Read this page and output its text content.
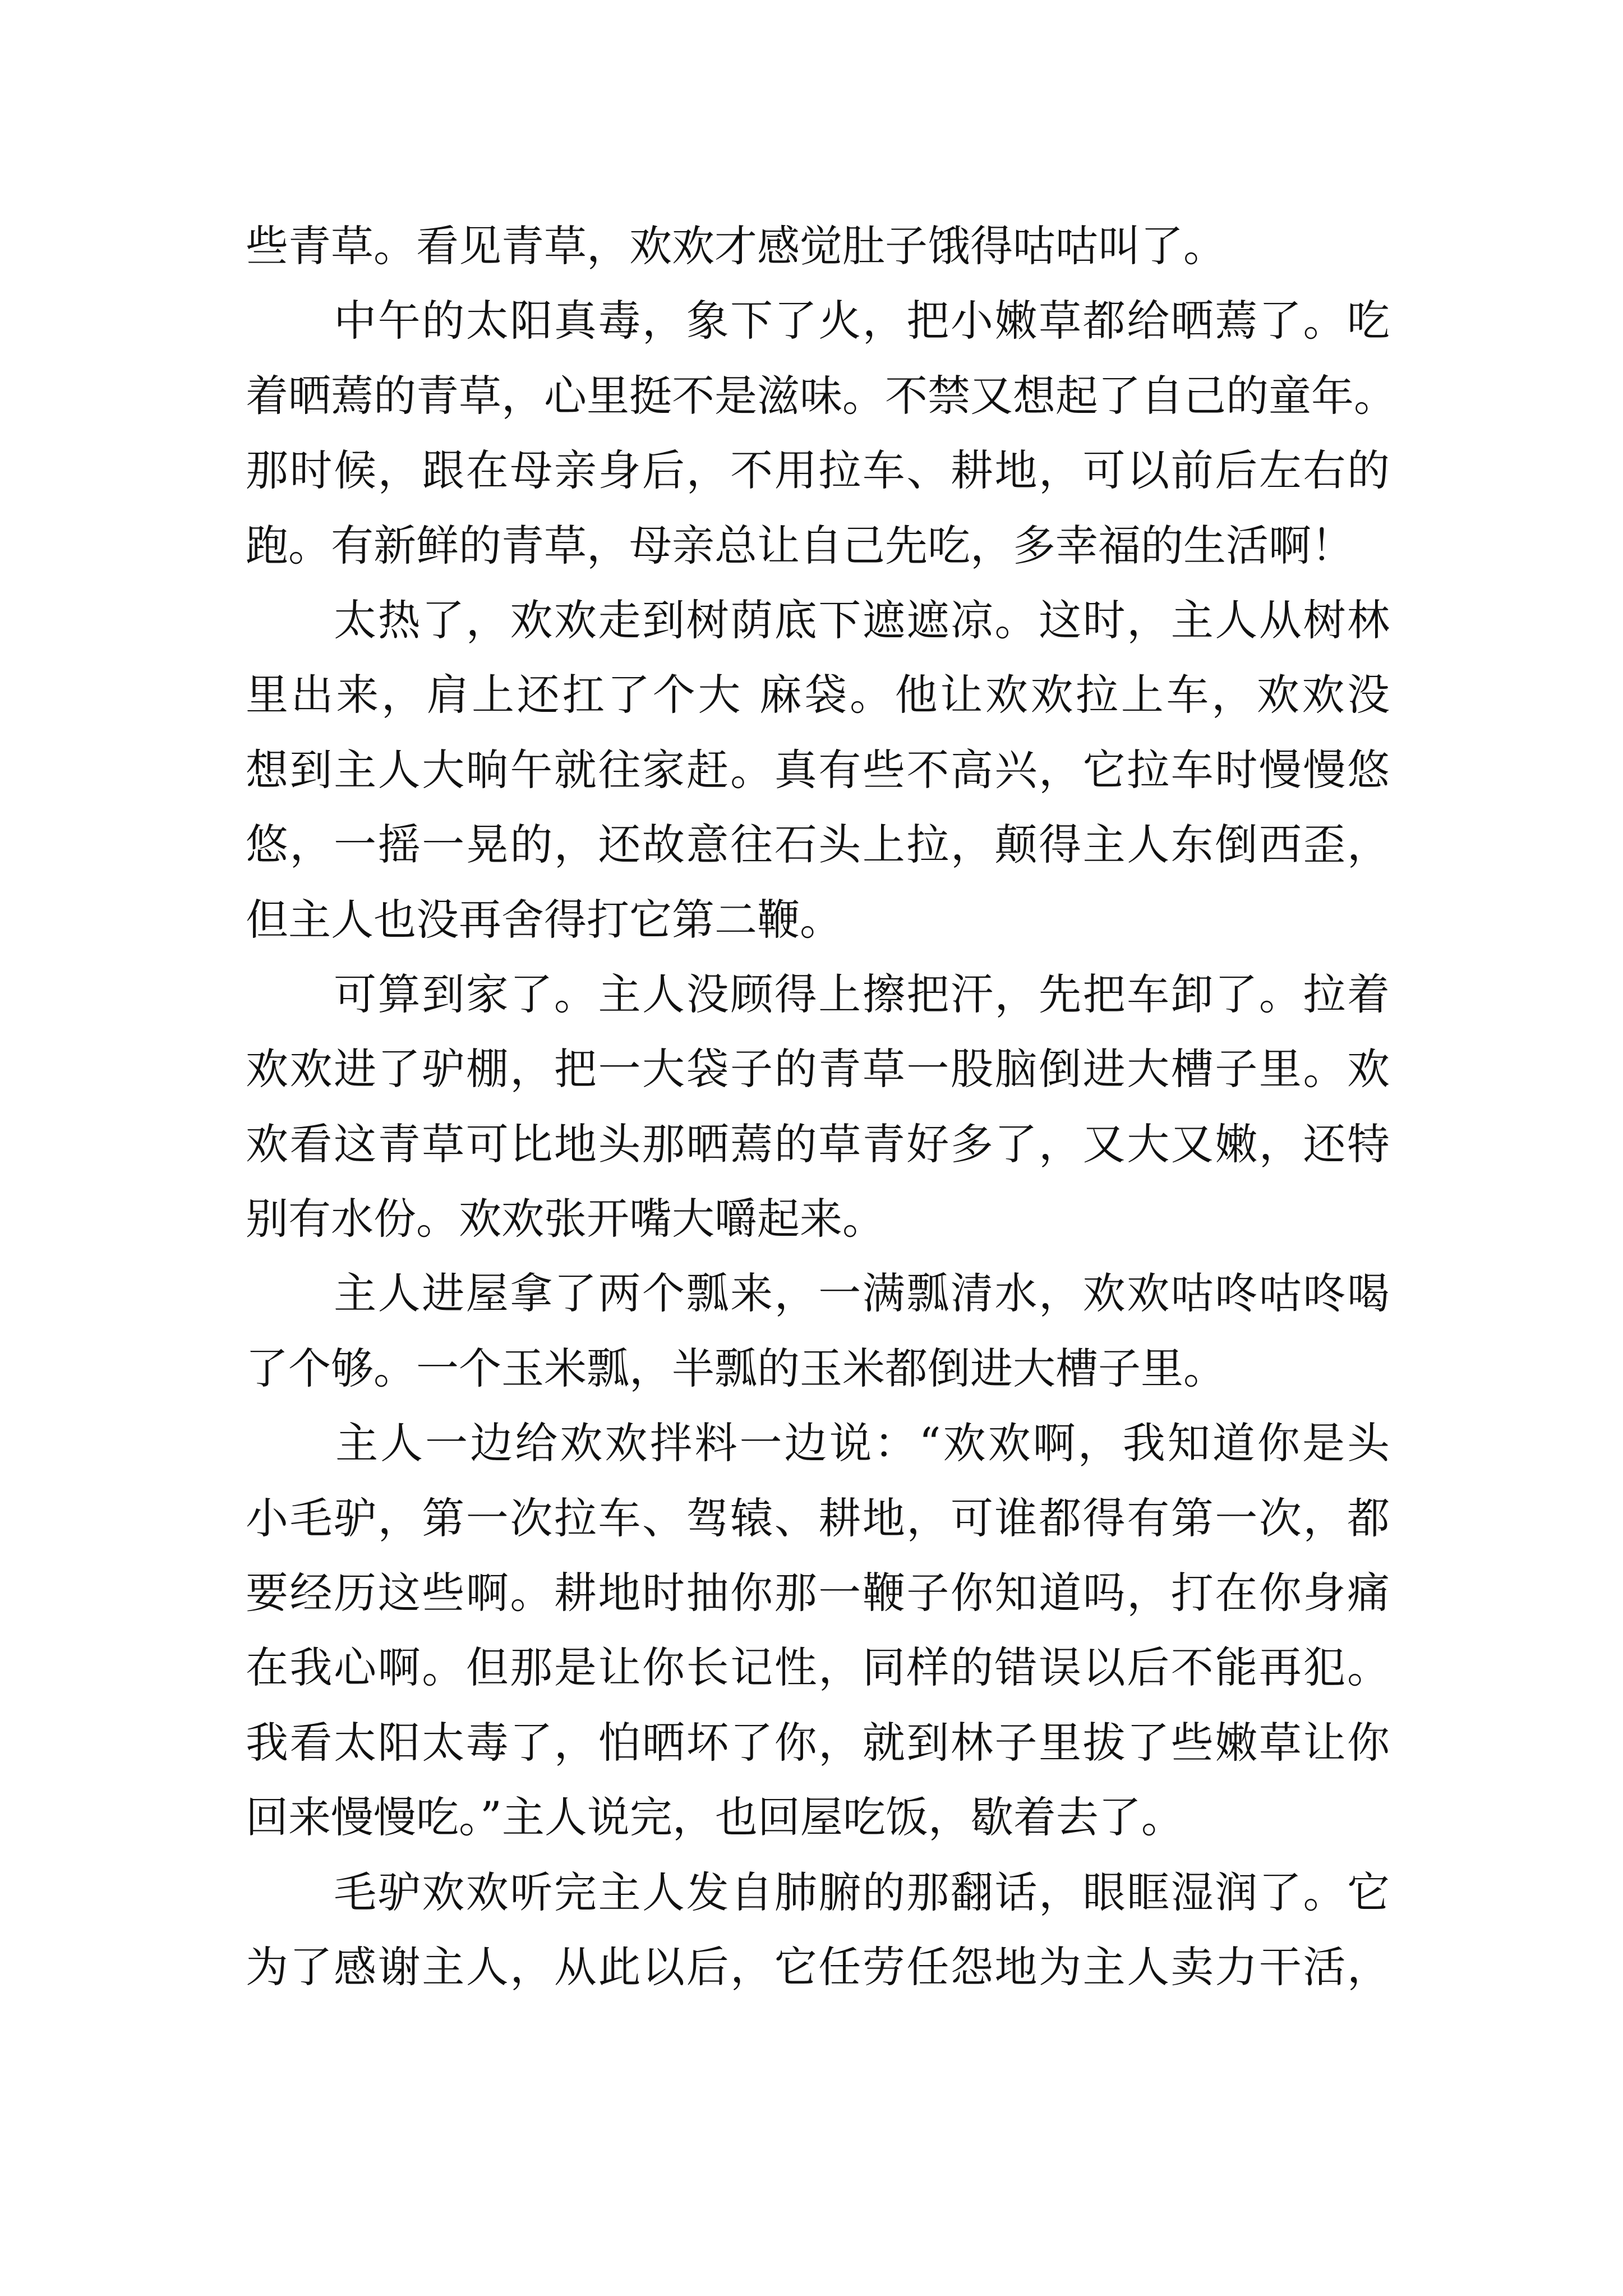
些青草。看见青草，欢欢才感觉肚子饿得咕咕叫了。
　　中午的太阳真毒，象下了火，把小嫩草都给晒蔫了。吃
着晒蔫的青草，心里挺不是滋味。不禁又想起了自己的童年。
那时候，跟在母亲身后，不用拉车、耕地，可以前后左右的
跑。有新鲜的青草，母亲总让自己先吃，多幸福的生活啊！
　　太热了，欢欢走到树荫底下遮遮凉。这时，主人从树林
里出来，肩上还扛了个大 麻袋。他让欢欢拉上车，欢欢没
想到主人大晌午就往家赶。真有些不高兴，它拉车时慢慢悠
悠，一摇一晃的，还故意往石头上拉，颠得主人东倒西歪，
但主人也没再舍得打它第二鞭。
　　可算到家了。主人没顾得上擦把汗，先把车卸了。拉着
欢欢进了驴棚，把一大袋子的青草一股脑倒进大槽子里。欢
欢看这青草可比地头那晒蔫的草青好多了，又大又嫩，还特
别有水份。欢欢张开嘴大嚼起来。
　　主人进屋拿了两个瓢来，一满瓢清水，欢欢咕咚咕咚喝
了个够。一个玉米瓢，半瓢的玉米都倒进大槽子里。
　　主人一边给欢欢拌料一边说：“欢欢啊，我知道你是头
小毛驴，第一次拉车、驾辕、耕地，可谁都得有第一次，都
要经历这些啊。耕地时抽你那一鞭子你知道吗，打在你身痛
在我心啊。但那是让你长记性，同样的错误以后不能再犯。
我看太阳太毒了，怕晒坏了你，就到林子里拔了些嫩草让你
回来慢慢吃。”主人说完，也回屋吃饭，歇着去了。
　　毛驴欢欢听完主人发自肺腑的那翻话，眼眶湿润了。它
为了感谢主人，从此以后，它任劳任怨地为主人卖力干活，
